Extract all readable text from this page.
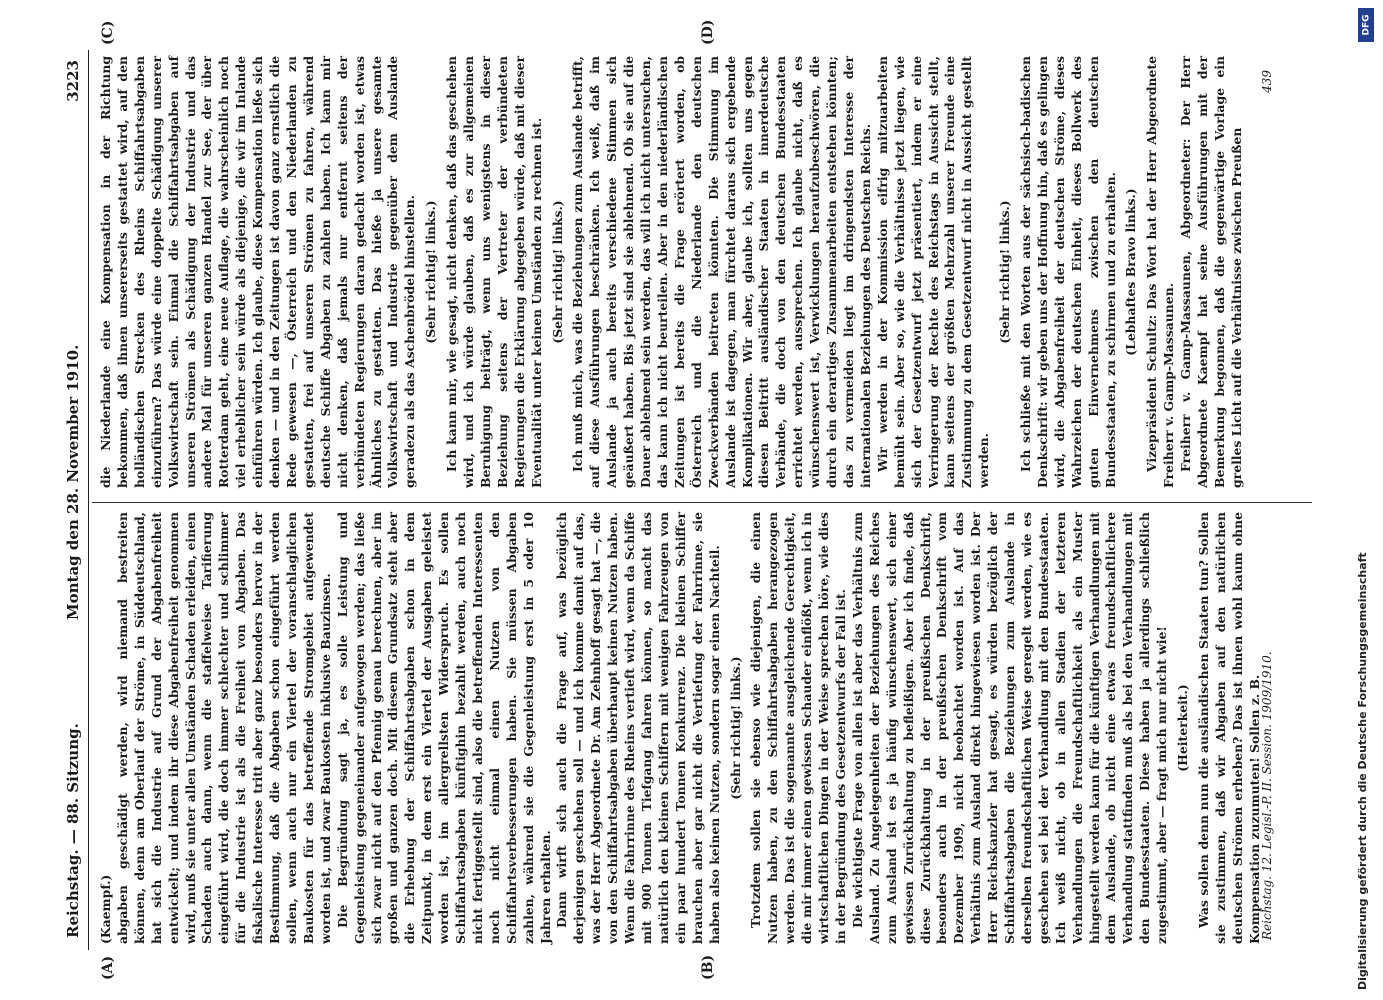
Reichstag. — 88. Sitzung.
Montag den 28. November 1910.
3223

(Kaempf.) abgaben geschädigt werden, wird niemand bestreiten können, denn am Oberlauf der Ströme, in Süddeutschland, hat sich die Industrie auf Grund der Abgabenfreiheit entwickelt; und indem ihr diese Abgabenfreiheit genommen wird, muß sie unter allen Umständen Schaden erleiden, einen Schaden auch dann, wenn die staffelweise Tarifierung eingeführt wird, die doch immer schlechter und schlimmer für die Industrie ist als die Freiheit von Abgaben. Das fiskalische Interesse tritt aber ganz besonders hervor in der Bestimmung, daß die Abgaben schon eingeführt werden sollen, wenn auch nur ein Viertel der voranschlaglichen Baukosten für das betreffende Stromgebiet aufgewendet worden ist, und zwar Baukosten inklusive Bauzinsen. Die Begründung sagt ja, es solle Leistung und Gegenleistung gegeneinander aufgewogen werden; das ließe sich zwar nicht auf den Pfennig genau berechnen, aber im großen und ganzen doch. Mit diesem Grundsatz steht aber die Erhebung der Schiffahrtsabgaben schon in dem Zeitpunkt, in dem erst ein Viertel der Ausgaben geleistet worden ist, im allergrellsten Widerspruch. Es sollen Schiffahrtsabgaben künftighin bezahlt werden, auch noch nicht fertiggestellt sind, also die betreffenden Interessenten noch nicht einmal einen Nutzen von den Schiffahrtsverbesserungen haben. Sie müssen Abgaben zahlen, während sie die Gegenleistung erst in 5 oder 10 Jahren erhalten. Dann wirft sich auch die Frage auf, was bezüglich derjenigen geschehen soll — und ich komme damit auf das, was der Herr Abgeordnete Dr. Am Zehnhoff gesagt hat —, die von den Schiffahrtsabgaben überhaupt keinen Nutzen haben. Wenn die Fahrrinne des Rheins vertieft wird, wenn da Schiffe mit 900 Tonnen Tiefgang fahren können, so macht das natürlich den kleinen Schiffern mit wenigen Fahrzeugen von ein paar hundert Tonnen Konkurrenz. Die kleinen Schiffer brauchen aber gar nicht die Vertiefung der Fahrrinne, sie haben also keinen Nutzen, sondern sogar einen Nachteil. (Sehr richtig! links.) Trotzdem sollen sie ebenso wie diejenigen, die einen Nutzen haben, zu den Schiffahrtsabgaben herangezogen werden. Das ist die sogenannte ausgleichende Gerechtigkeit, die mir immer einen gewissen Schauder einflößt, wenn ich in wirtschaftlichen Dingen in der Weise sprechen höre, wie dies in der Begründung des Gesetzentwurfs der Fall ist. Die wichtigste Frage von allen ist aber das Verhältnis zum Ausland. Zu Angelegenheiten der Beziehungen des Reiches zum Ausland ist es ja häufig wünschenswert, sich einer gewissen Zurückhaltung zu befleißigen. Aber ich finde, daß diese Zurückhaltung in der preußischen Denkschrift, besonders auch in der preußischen Denkschrift vom Dezember 1909, nicht beobachtet worden ist. Auf das Verhältnis zum Ausland direkt hingewiesen worden ist. Der Herr Reichskanzler hat gesagt, es würden bezüglich der Schiffahrtsabgaben die Beziehungen zum Auslande in derselben freundschaftlichen Weise geregelt werden, wie es geschehen sei bei der Verhandlung mit den Bundesstaaten. Ich weiß nicht, ob in allen Stadien der letzteren Verhandlungen die Freundschaftlichkeit als ein Muster hingestellt werden kann für die künftigen Verhandlungen mit dem Auslande, ob nicht eine etwas freundschaftlichere Verhandlung stattfinden muß als bei den Verhandlungen mit den Bundesstaaten. Diese haben ja allerdings schließlich zugestimmt, aber — fragt mich nur nicht wie! (Heiterkeit.) Was sollen denn nun die ausländischen Staaten tun? Sollen sie zustimmen, daß wir Abgaben auf den natürlichen deutschen Strömen erheben? Das ist ihnen wohl kaum ohne Kompensation zuzumuten! Sollen z. B.

die Niederlande eine Kompensation in der Richtung bekommen, daß ihnen unsererseits gestattet wird, auf den holländischen Strecken des Rheins Schiffahrtsabgaben einzuführen? Das würde eine doppelte Schädigung unserer Volkswirtschaft sein. Einmal die Schiffahrtsabgaben auf unseren Strömen als Schädigung der Industrie und das andere Mal für unseren ganzen Handel zur See, der über Rotterdam geht, eine neue Auflage, die wahrscheinlich noch viel erheblicher sein würde als diejenige, die wir im Inlande einführen würden. Ich glaube, diese Kompensation ließe sich denken — und in den Zeitungen ist davon ganz ernstlich die Rede gewesen —, Österreich und den Niederlanden zu gestatten, frei auf unseren Strömen zu fahren, während deutsche Schiffe Abgaben zu zahlen haben. Ich kann mir nicht denken, daß jemals nur entfernt seitens der verbündeten Regierungen daran gedacht worden ist, etwas Ähnliches zu gestatten. Das hieße ja unsere gesamte Volkswirtschaft und Industrie gegenüber dem Auslande geradezu als das Aschenbrödel hinstellen. (Sehr richtig! links.) Ich kann mir, wie gesagt, nicht denken, daß das geschehen wird, und ich würde glauben, daß es zur allgemeinen Beruhigung beiträgt, wenn uns wenigstens in dieser Beziehung seitens der Vertreter der verbündeten Regierungen die Erklärung abgegeben würde, daß mit dieser Eventualität unter keinen Umständen zu rechnen ist. (Sehr richtig! links.) Ich muß mich, was die Beziehungen zum Auslande betrifft, auf diese Ausführungen beschränken. Ich weiß, daß im Auslande ja auch bereits verschiedene Stimmen sich geäußert haben. Bis jetzt sind sie ablehnend. Ob sie auf die Dauer ablehnend sein werden, das will ich nicht untersuchen, das kann ich nicht beurteilen. Aber in den niederländischen Zeitungen ist bereits die Frage erörtert worden, ob Österreich und die Niederlande den deutschen Zweckverbänden beitreten könnten. Die Stimmung im Auslande ist dagegen, man fürchtet daraus sich ergebende Komplikationen. Wir aber, glaube ich, sollten uns gegen diesen Beitritt ausländischer Staaten in innerdeutsche Verbände, die doch von den deutschen Bundesstaaten errichtet werden, aussprechen. Ich glaube nicht, daß es wünschenswert ist, Verwicklungen heraufzubeschwören, die durch ein derartiges Zusammenarbeiten entstehen könnten; das zu vermeiden liegt im dringendsten Interesse der internationalen Beziehungen des Deutschen Reichs. Wir werden in der Kommission eifrig mitzuarbeiten bemüht sein. Aber so, wie die Verhältnisse jetzt liegen, wie sich der Gesetzentwurf jetzt präsentiert, indem er eine Verringerung der Rechte des Reichstags in Aussicht stellt, kann seitens der größten Mehrzahl unserer Freunde eine Zustimmung zu dem Gesetzentwurf nicht in Aussicht gestellt werden.

(Sehr richtig! links.) Ich schließe mit den Worten aus der sächsisch-badischen Denkschrift: wir geben uns der Hoffnung hin, daß es gelingen wird, die Abgabenfreiheit der deutschen Ströme, dieses Wahrzeichen der deutschen Einheit, dieses Bollwerk des guten Einvernehmens zwischen den deutschen Bundesstaaten, zu schirmen und zu erhalten. (Lebhaftes Bravo links.) Vizepräsident Schultz: Das Wort hat der Herr Abgeordnete Freiherr v. Gamp-Massaunen. Freiherr v. Gamp-Massaunen, Abgeordneter: Der Herr Abgeordnete Kaempf hat seine Ausführungen mit der Bemerkung begonnen, daß die gegenwärtige Vorlage ein grelles Licht auf die Verhältnisse zwischen Preußen

(A)	(B)
(C)	(D)
Reichstag. 12. Legisl.-P. II. Session. 1909/1910.
439
Digitalisierung gefördert durch die Deutsche Forschungsgemeinschaft
DFG
